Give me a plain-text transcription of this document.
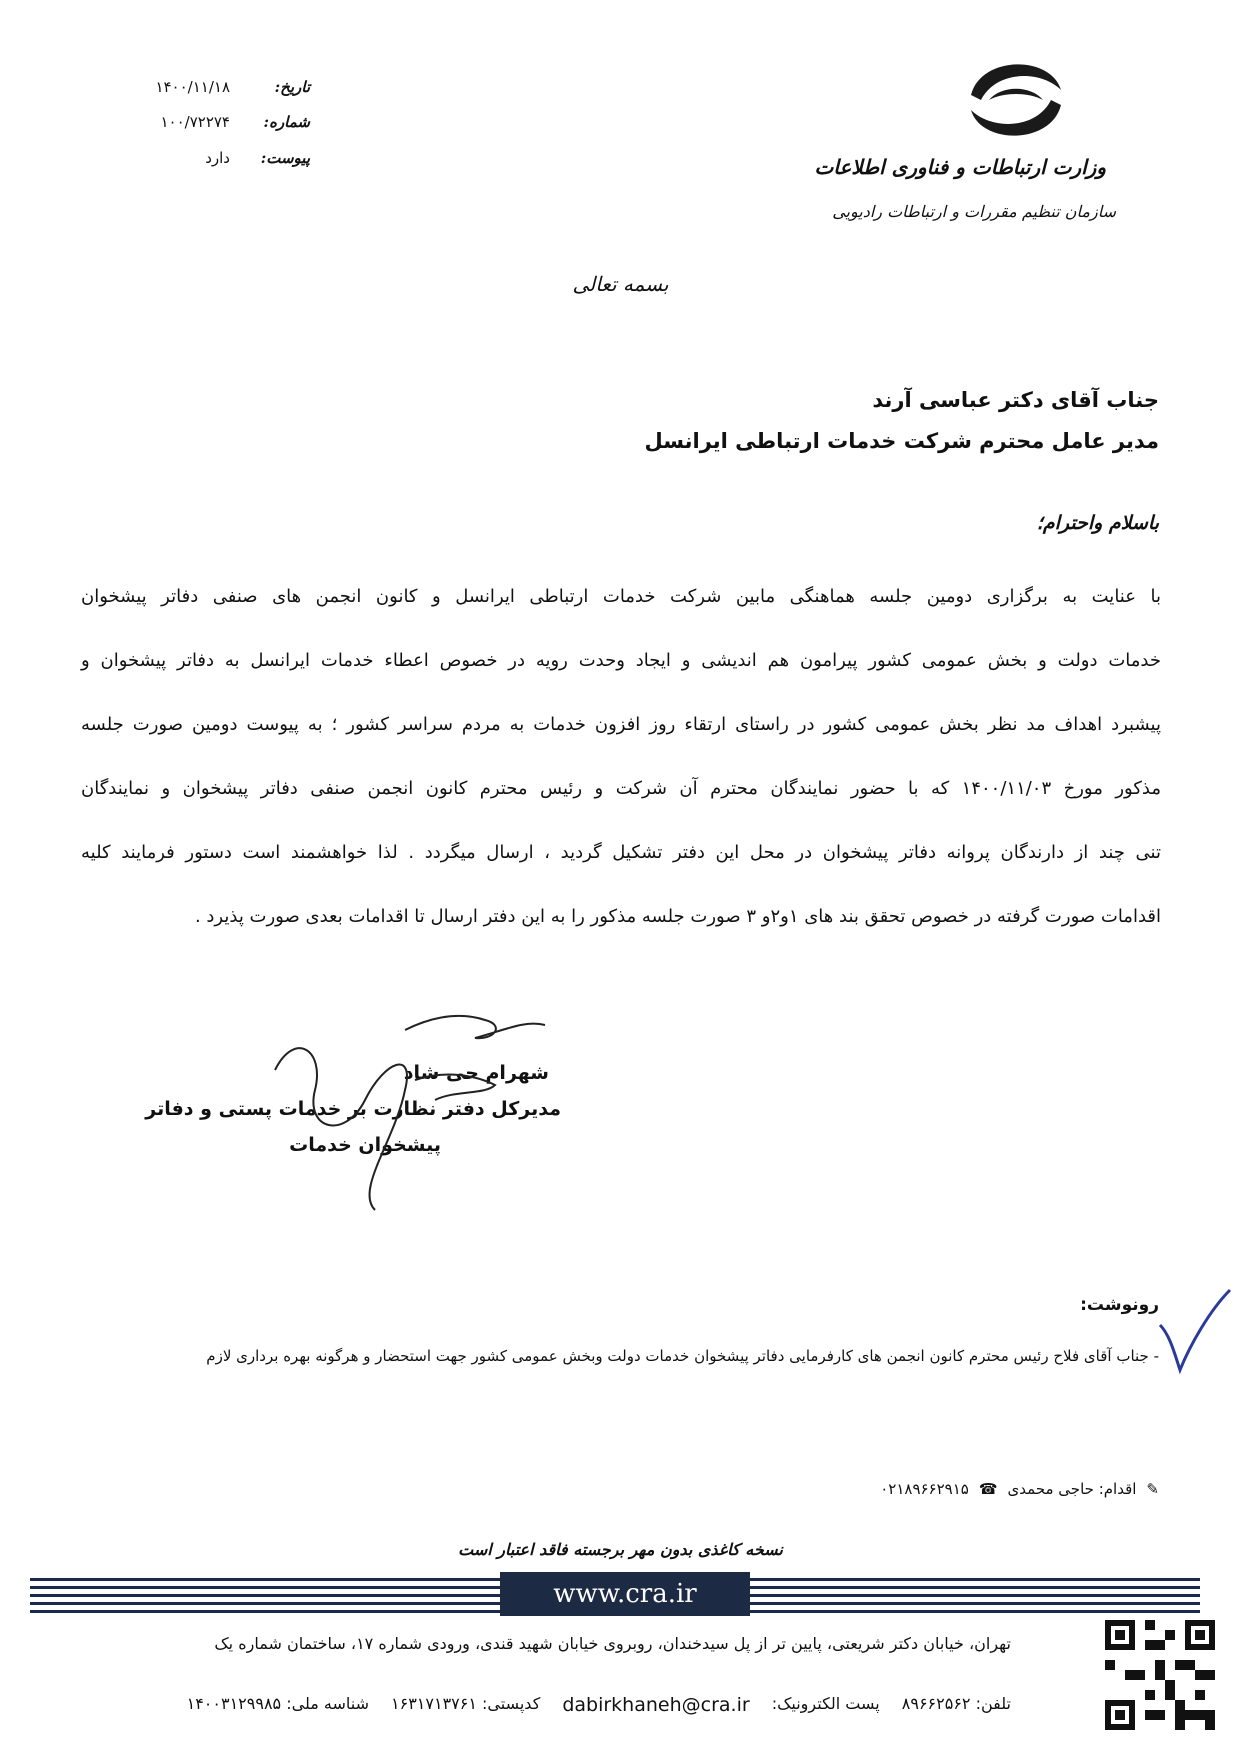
وزارت ارتباطات و فناوری اطلاعات
سازمان تنظیم مقررات و ارتباطات رادیویی
تاریخ:
۱۴۰۰/۱۱/۱۸
شماره:
۱۰۰/۷۲۲۷۴
پیوست:
دارد
بسمه تعالی
جناب آقای دکتر عباسی آرند
مدیر عامل محترم شرکت خدمات ارتباطی ایرانسل
باسلام واحترام؛
با عنایت به برگزاری دومین جلسه هماهنگی مابین شرکت خدمات ارتباطی ایرانسل و کانون انجمن های صنفی دفاتر پیشخوان
خدمات دولت و بخش عمومی کشور پیرامون هم اندیشی و ایجاد وحدت رویه در خصوص اعطاء خدمات ایرانسل به دفاتر پیشخوان و
پیشبرد اهداف مد نظر بخش عمومی کشور در راستای ارتقاء روز افزون خدمات به مردم سراسر کشور ؛ به پیوست دومین صورت جلسه
مذکور مورخ ۱۴۰۰/۱۱/۰۳ که با حضور نمایندگان محترم آن شرکت و رئیس محترم کانون انجمن صنفی دفاتر پیشخوان و نمایندگان
تنی چند از دارندگان پروانه دفاتر پیشخوان در محل این دفتر تشکیل گردید ، ارسال میگردد . لذا خواهشمند است دستور فرمایند کلیه
اقدامات صورت گرفته در خصوص تحقق بند های ۱و۲و ۳ صورت جلسه مذکور را به این دفتر ارسال تا اقدامات بعدی صورت پذیرد .
شهرام حی شاد
مدیرکل دفتر نظارت بر خدمات پستی و دفاتر
پیشخوان خدمات
رونوشت:
- جناب آقای فلاح رئیس محترم کانون انجمن های کارفرمایی دفاتر پیشخوان خدمات دولت وبخش عمومی کشور جهت استحضار و هرگونه بهره برداری لازم
✎
اقدام: حاجی محمدی
☎
۰۲۱۸۹۶۶۲۹۱۵
نسخه کاغذی بدون مهر برجسته فاقد اعتبار است
www.cra.ir
تهران، خیابان دکتر شریعتی، پایین تر از پل سیدخندان، روبروی خیابان شهید قندی، ورودی شماره ۱۷، ساختمان شماره یک
تلفن: ۸۹۶۶۲۵۶۲
پست الکترونیک:
dabirkhaneh@cra.ir
کدپستی: ۱۶۳۱۷۱۳۷۶۱
شناسه ملی: ۱۴۰۰۳۱۲۹۹۸۵
